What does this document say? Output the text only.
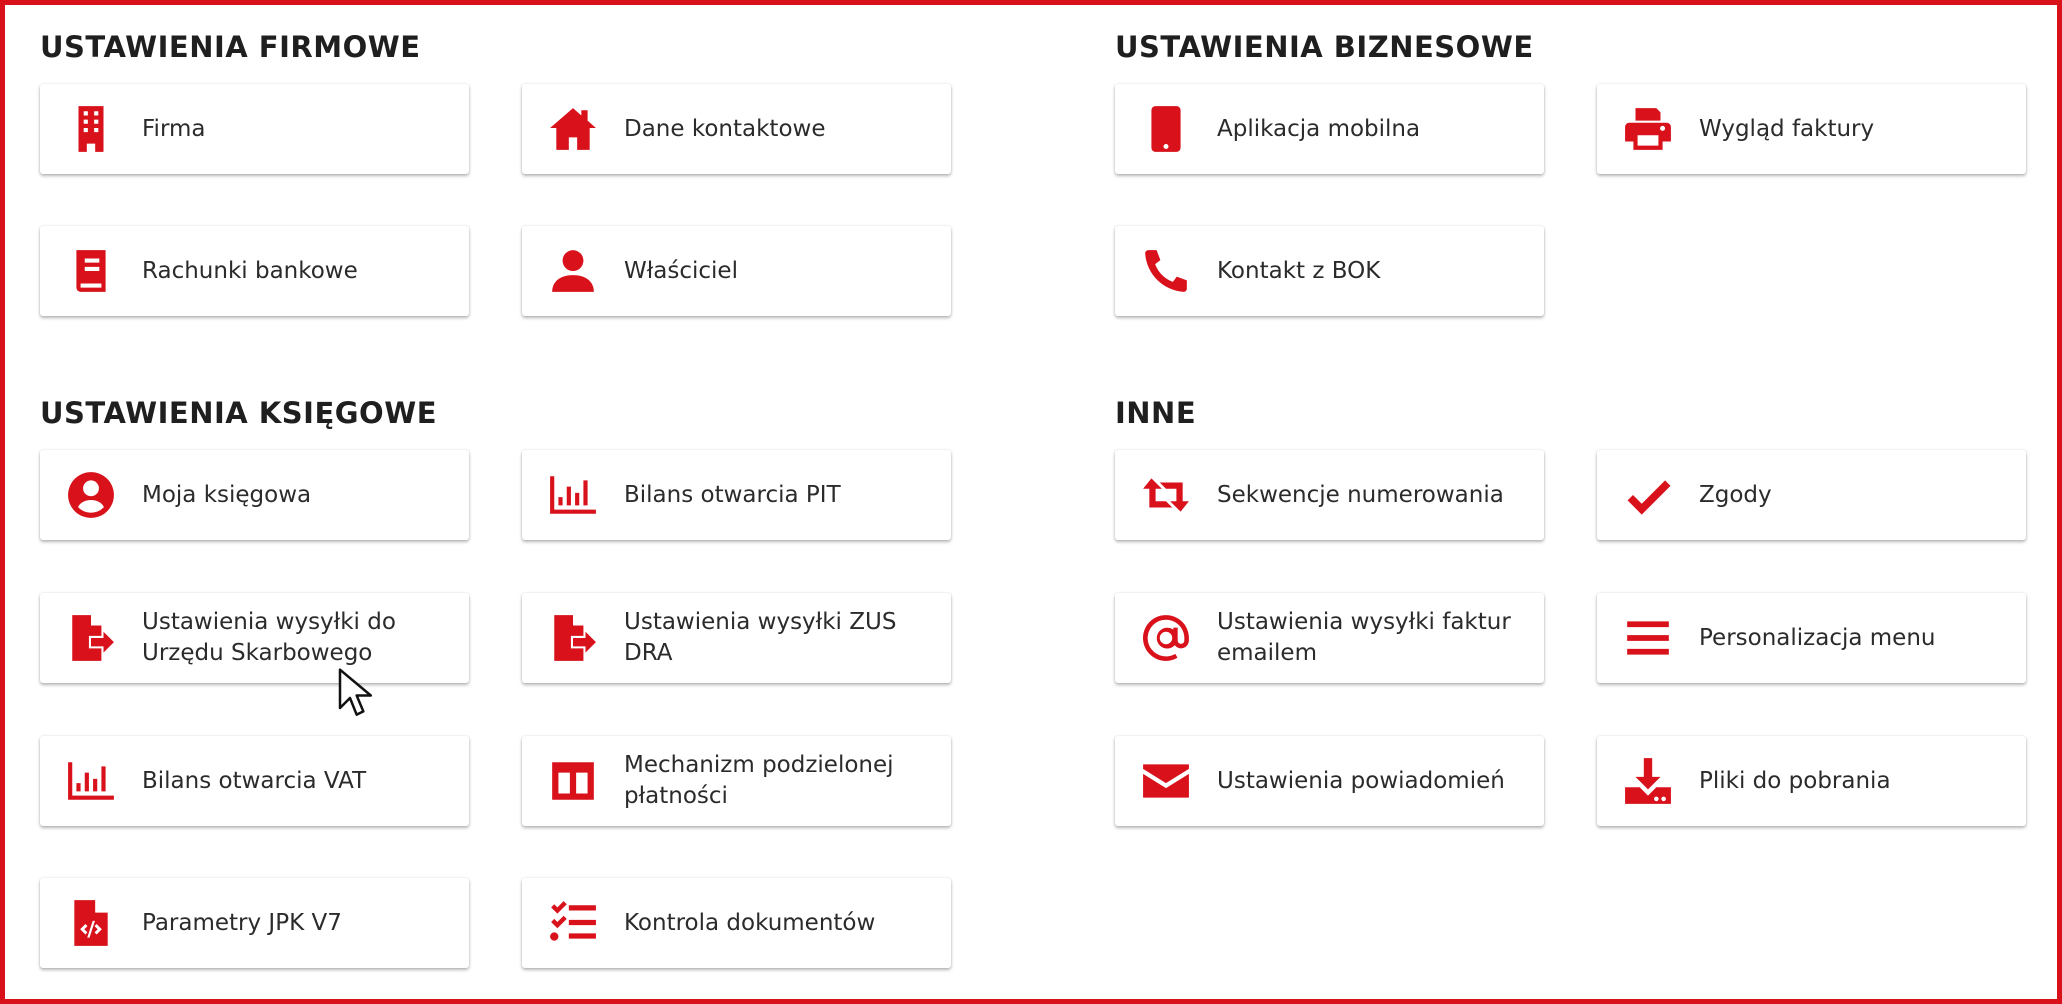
USTAWIENIA FIRMOWE
Firma	Dane kontaktowe
Rachunki bankowe	Właściciel
USTAWIENIA BIZNESOWE
Aplikacja mobilna	Wygląd faktury
Kontakt z BOK
USTAWIENIA KSIĘGOWE
Moja księgowa	Bilans otwarcia PIT
Ustawienia wysyłki do Urzędu Skarbowego
Ustawienia wysyłki ZUS DRA
Bilans otwarcia VAT
Mechanizm podzielonej płatności
Parametry JPK V7	Kontrola dokumentów
INNE
Sekwencje numerowania	Zgody
Ustawienia wysyłki faktur emailem
Personalizacja menu
Ustawienia powiadomień	Pliki do pobrania
